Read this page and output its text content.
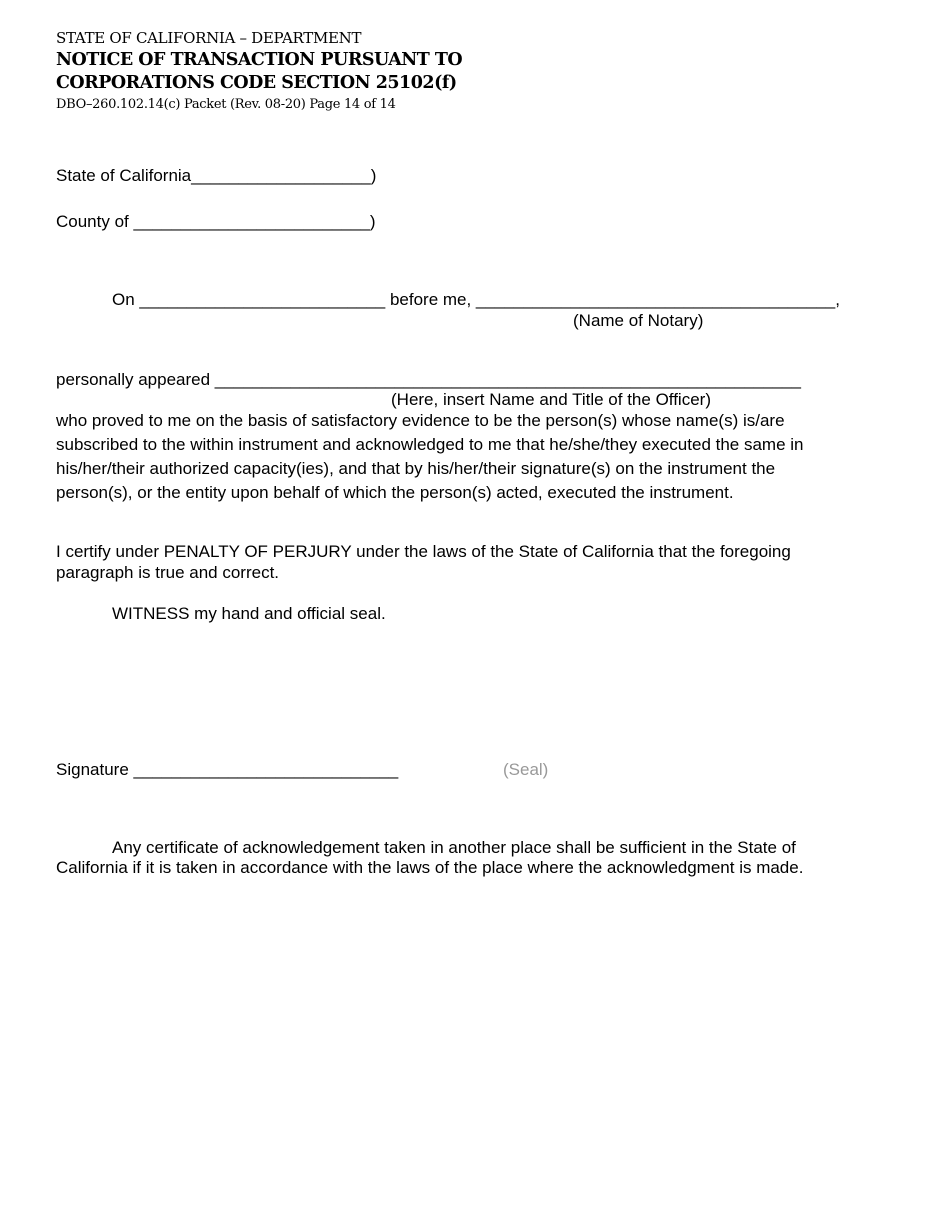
STATE OF CALIFORNIA – DEPARTMENT
NOTICE OF TRANSACTION PURSUANT TO
CORPORATIONS CODE SECTION 25102(f)
DBO–260.102.14(c) Packet (Rev. 08-20) Page 14 of 14
State of California___________________)
County of _________________________)
On __________________________ before me, ______________________________________,
(Name of Notary)
personally appeared ______________________________________________________________
(Here, insert Name and Title of the Officer)
who proved to me on the basis of satisfactory evidence to be the person(s) whose name(s) is/are
subscribed to the within instrument and acknowledged to me that he/she/they executed the same in
his/her/their authorized capacity(ies), and that by his/her/their signature(s) on the instrument the
person(s), or the entity upon behalf of which the person(s) acted, executed the instrument.
I certify under PENALTY OF PERJURY under the laws of the State of California that the foregoing
paragraph is true and correct.
WITNESS my hand and official seal.
Signature ____________________________	(Seal)
Any certificate of acknowledgement taken in another place shall be sufficient in the State of
California if it is taken in accordance with the laws of the place where the acknowledgment is made.
